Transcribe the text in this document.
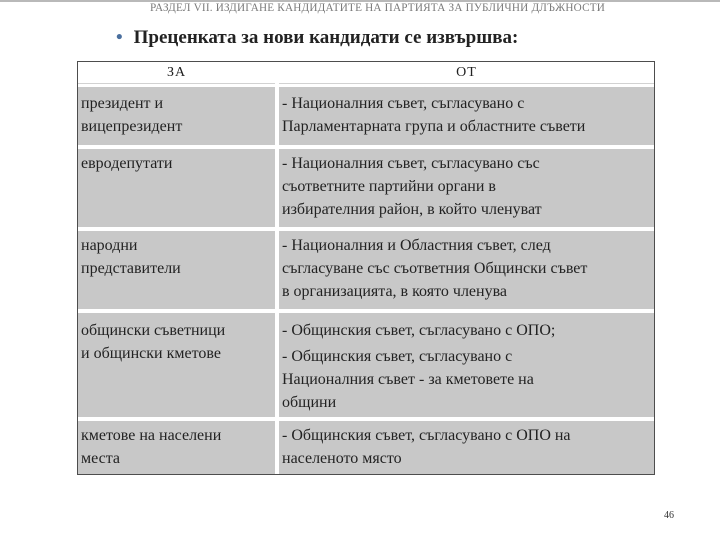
РАЗДЕЛ VII. ИЗДИГАНЕ КАНДИДАТИТЕ НА ПАРТИЯТА ЗА ПУБЛИЧНИ ДЛЪЖНОСТИ
• Преценката за нови кандидати се извършва:
ЗА	ОТ
президент и
вицепрезидент
- Националния съвет, съгласувано с
Парламентарната група и областните съвети
евродепутати	- Националния съвет, съгласувано със
съответните партийни органи в
избирателния район, в който членуват
народни
представители
- Националния и Областния съвет, след
съгласуване със съответния Общински съвет
в организацията, в която членува
общински съветници
и общински кметове
- Общинския съвет, съгласувано с ОПО;
- Общинския съвет, съгласувано с
Националния съвет - за кметовете на
общини
кметове на населени
места
- Общинския съвет, съгласувано с ОПО на
населеното място
46
